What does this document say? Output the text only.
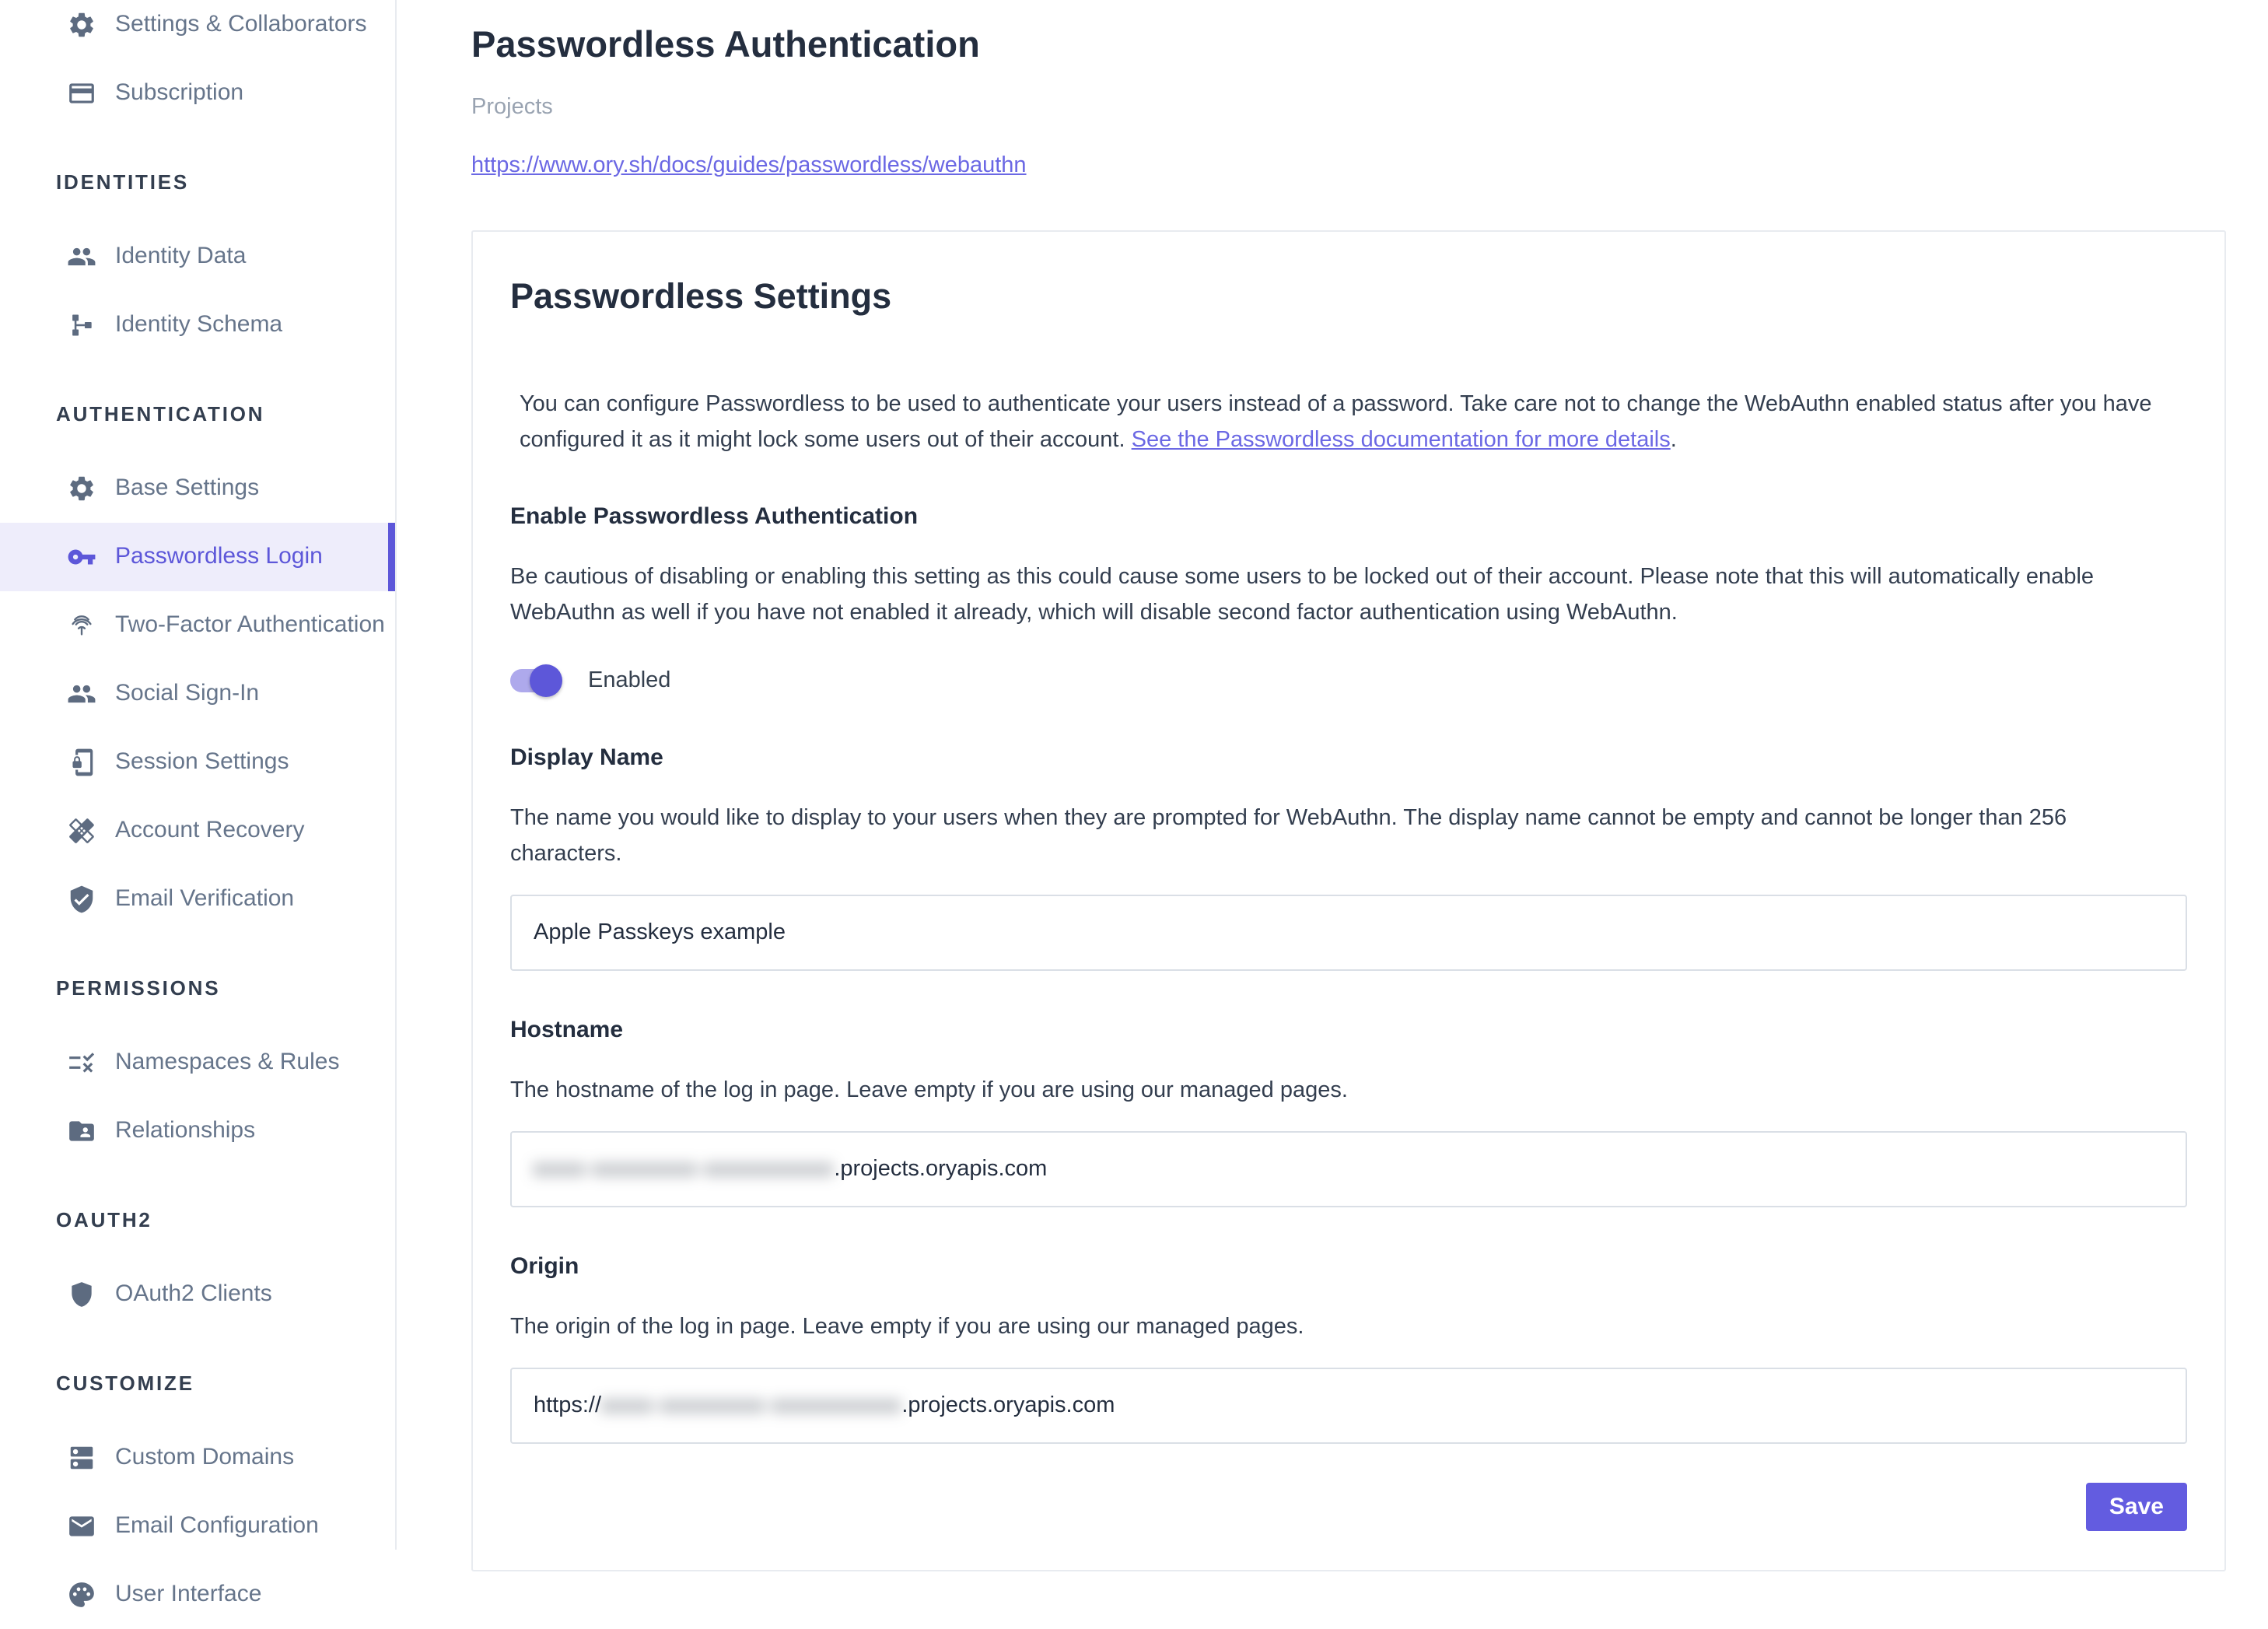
Settings & Collaborators
Subscription
IDENTITIES
Identity Data
Identity Schema
AUTHENTICATION
Base Settings
Passwordless Login
Two-Factor Authentication
Social Sign-In
Session Settings
Account Recovery
Email Verification
PERMISSIONS
Namespaces & Rules
Relationships
OAUTH2
OAuth2 Clients
CUSTOMIZE
Custom Domains
Email Configuration
User Interface
Passwordless Authentication
Projects
https://www.ory.sh/docs/guides/passwordless/webauthn
Passwordless Settings

You can configure Passwordless to be used to authenticate your users instead of a password. Take care not to change the WebAuthn enabled status after you have configured it as it might lock some users out of their account. See the Passwordless documentation for more details.

Enable Passwordless Authentication

Be cautious of disabling or enabling this setting as this could cause some users to be locked out of their account. Please note that this will automatically enable WebAuthn as well if you have not enabled it already, which will disable second factor authentication using WebAuthn.

Enabled
Display Name

The name you would like to display to your users when they are prompted for WebAuthn. The display name cannot be empty and cannot be longer than 256 characters.

Apple Passkeys example
Hostname

The hostname of the log in page. Leave empty if you are using our managed pages.

xxxx-xxxxxxxx-xxxxxxxxxx .projects.oryapis.com
Origin

The origin of the log in page. Leave empty if you are using our managed pages.

https:// xxxx-xxxxxxxx-xxxxxxxxxx .projects.oryapis.com
Save
